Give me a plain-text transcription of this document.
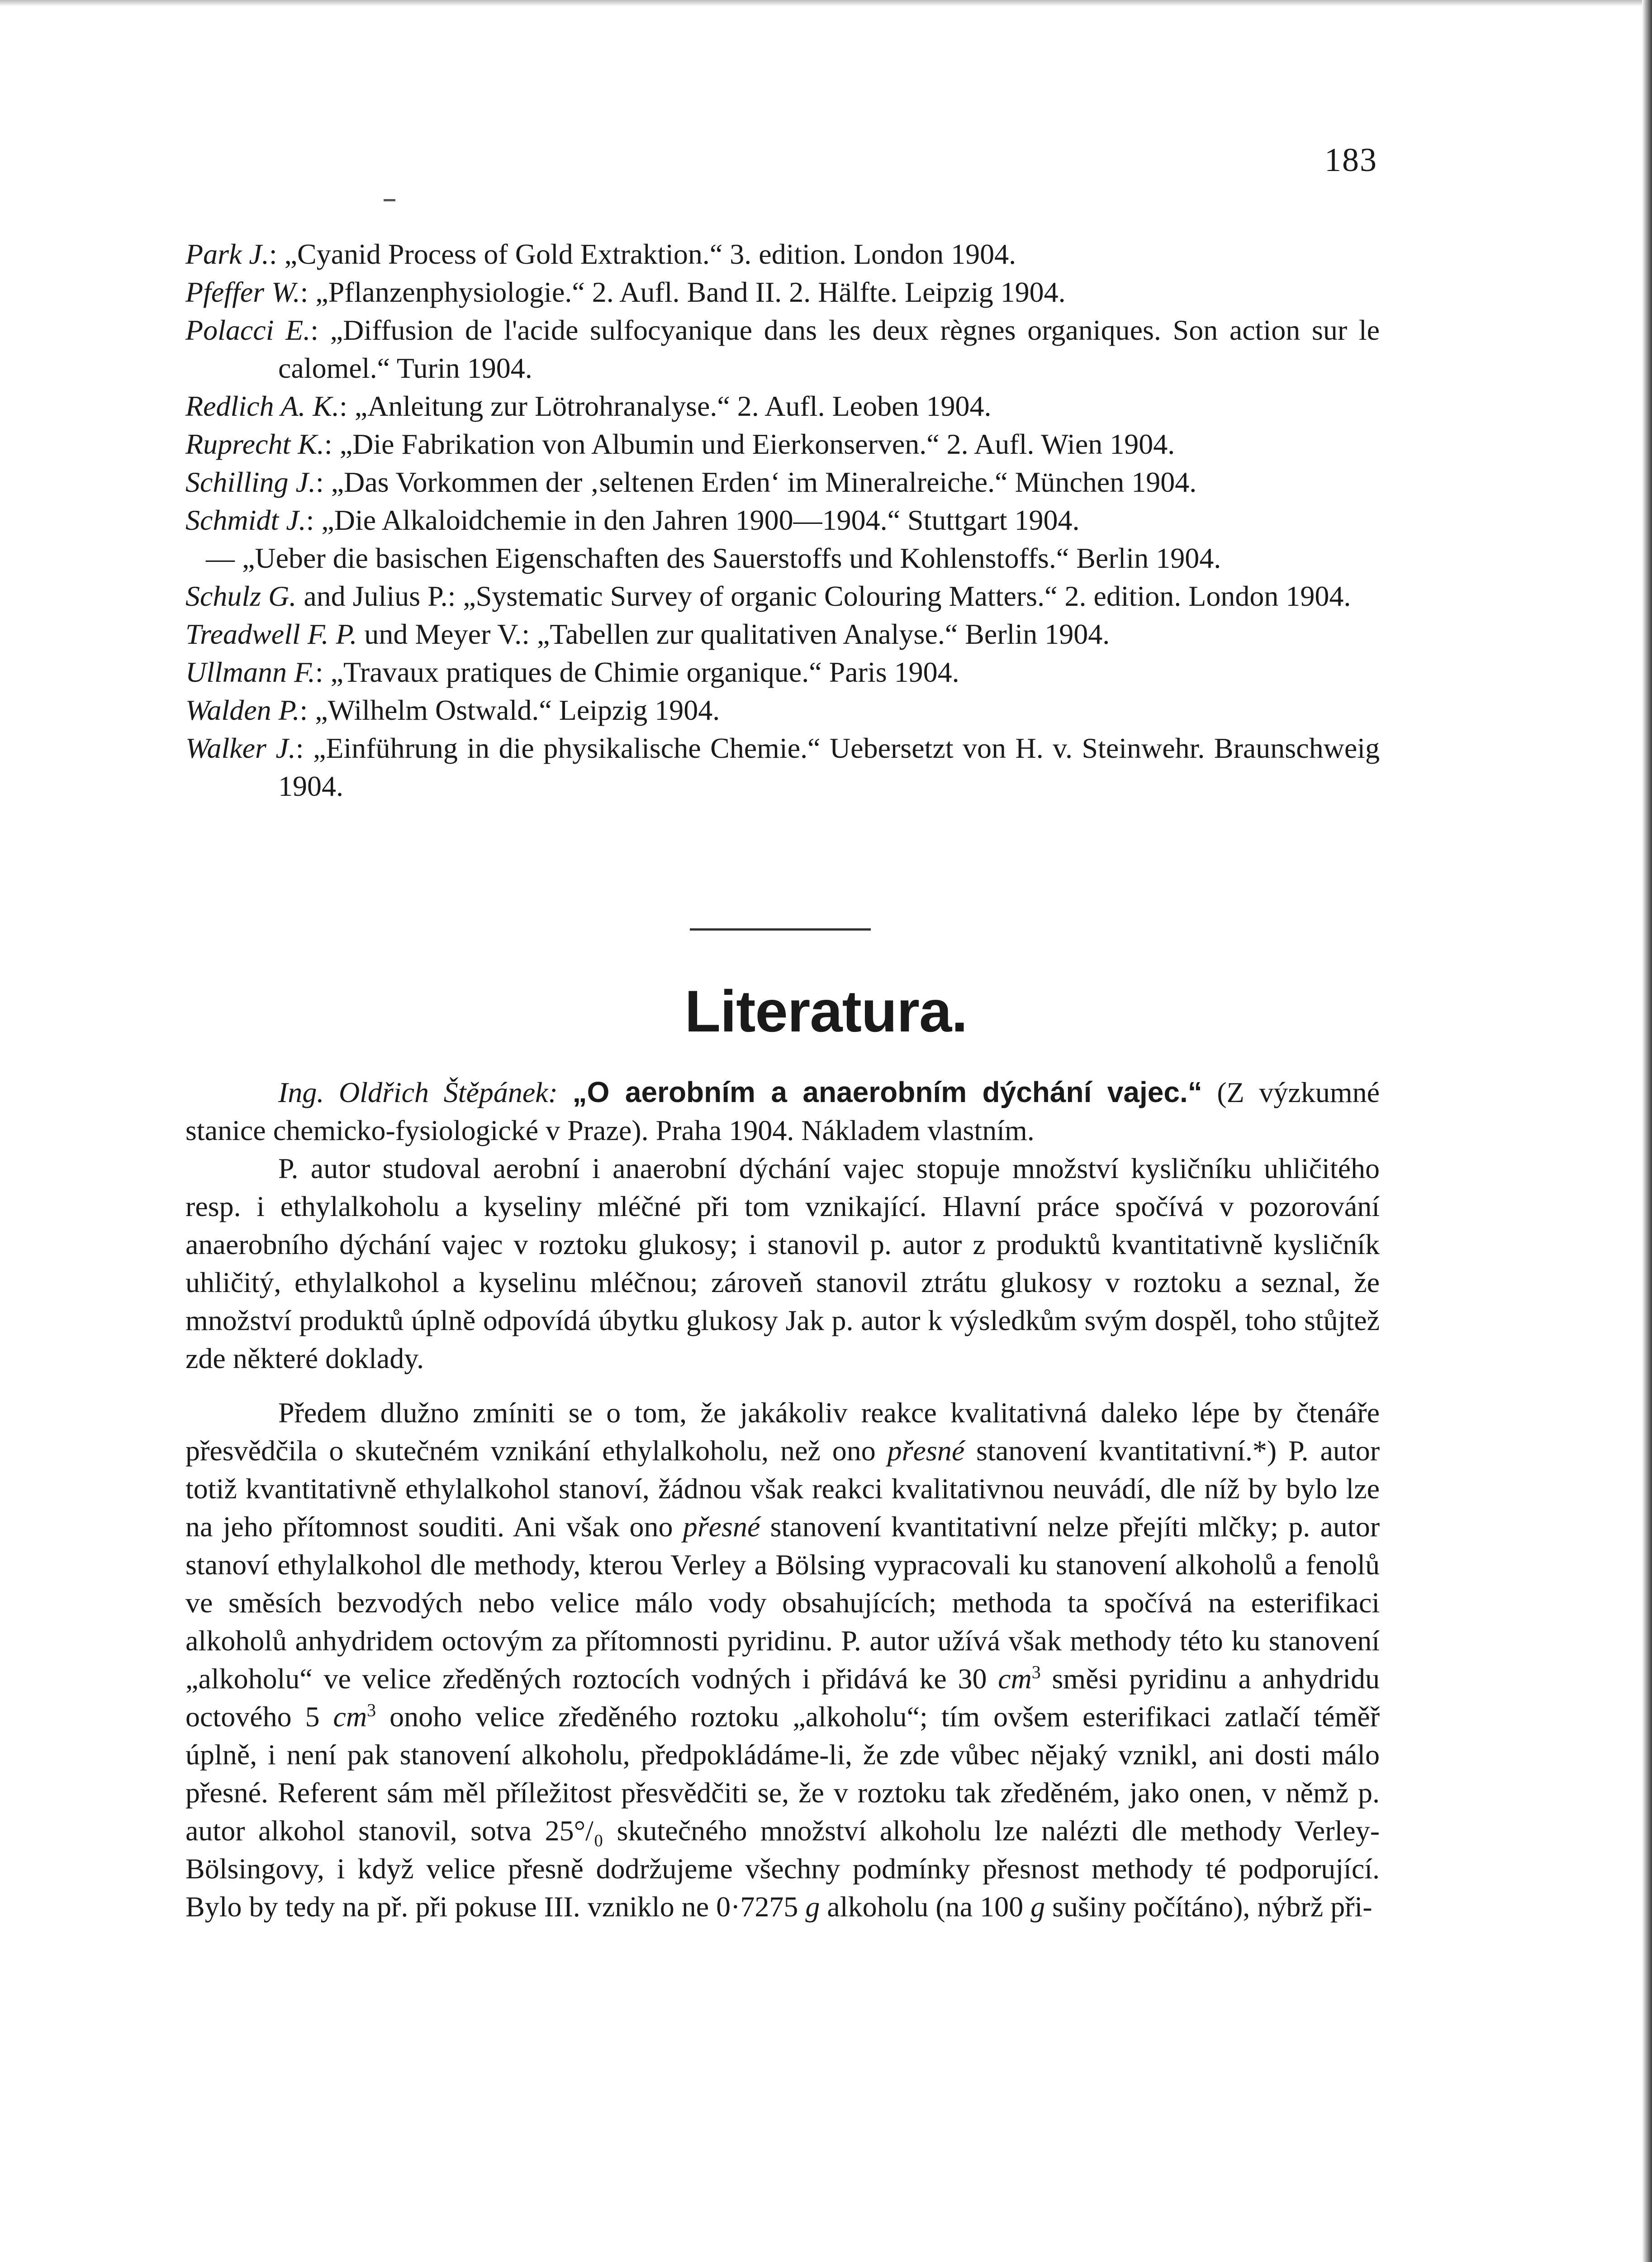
183
Park J.: „Cyanid Process of Gold Extraktion.“ 3. edition. London 1904.
Pfeffer W.: „Pflanzenphysiologie.“ 2. Aufl. Band II. 2. Hälfte. Leipzig 1904.
Polacci E.: „Diffusion de l'acide sulfocyanique dans les deux règnes organiques. Son action sur le calomel.“ Turin 1904.
Redlich A. K.: „Anleitung zur Lötrohranalyse.“ 2. Aufl. Leoben 1904.
Ruprecht K.: „Die Fabrikation von Albumin und Eierkonserven.“ 2. Aufl. Wien 1904.
Schilling J.: „Das Vorkommen der ‚seltenen Erden‘ im Mineralreiche.“ München 1904.
Schmidt J.: „Die Alkaloidchemie in den Jahren 1900—1904.“ Stuttgart 1904.
— „Ueber die basischen Eigenschaften des Sauerstoffs und Kohlenstoffs.“ Berlin 1904.
Schulz G. and Julius P.: „Systematic Survey of organic Colouring Matters.“ 2. edition. London 1904.
Treadwell F. P. und Meyer V.: „Tabellen zur qualitativen Analyse.“ Berlin 1904.
Ullmann F.: „Travaux pratiques de Chimie organique.“ Paris 1904.
Walden P.: „Wilhelm Ostwald.“ Leipzig 1904.
Walker J.: „Einführung in die physikalische Chemie.“ Uebersetzt von H. v. Steinwehr. Braunschweig 1904.
Literatura.

Ing. Oldřich Štěpánek: „O aerobním a anaerobním dýchání vajec.“ (Z výzkumné stanice chemicko-fysiologické v Praze). Praha 1904. Nákladem vlastním.

P. autor studoval aerobní i anaerobní dýchání vajec stopuje množství kysličníku uhličitého resp. i ethylalkoholu a kyseliny mléčné při tom vznikající. Hlavní práce spočívá v pozorování anaerobního dýchání vajec v roztoku glukosy; i stanovil p. autor z produktů kvantitativně kysličník uhličitý, ethylalkohol a kyselinu mléčnou; zároveň stanovil ztrátu glukosy v roztoku a seznal, že množství produktů úplně odpovídá úbytku glukosy Jak p. autor k výsledkům svým dospěl, toho stůjtež zde některé doklady.

Předem dlužno zmíniti se o tom, že jakákoliv reakce kvalitativná daleko lépe by čtenáře přesvědčila o skutečném vznikání ethylalkoholu, než ono přesné stanovení kvantitativní.*) P. autor totiž kvantitativně ethylalkohol stanoví, žádnou však reakci kvalitativnou neuvádí, dle níž by bylo lze na jeho přítomnost souditi. Ani však ono přesné stanovení kvantitativní nelze přejíti mlčky; p. autor stanoví ethylalkohol dle methody, kterou Verley a Bölsing vypracovali ku stanovení alkoholů a fenolů ve směsích bezvodých nebo velice málo vody obsahujících; methoda ta spočívá na esterifikaci alkoholů anhydridem octovým za přítomnosti pyridinu. P. autor užívá však methody této ku stanovení „alkoholu“ ve velice zředěných roztocích vodných i přidává ke 30 $cm^3$ směsi pyridinu a anhydridu octového 5 $cm^3$ onoho velice zředěného roztoku „alkoholu“; tím ovšem esterifikaci zatlačí téměř úplně, i není pak stanovení alkoholu, předpokládáme-li, že zde vůbec nějaký vznikl, ani dosti málo přesné. Referent sám měl příležitost přesvědčiti se, že v roztoku tak zředěném, jako onen, v němž p. autor alkohol stanovil, sotva 25°/₀ skutečného množství alkoholu lze nalézti dle methody Verley-Bölsingovy, i když velice přesně dodržujeme všechny podmínky přesnost methody té podporující. Bylo by tedy na př. při pokuse III. vzniklo ne 0·7275 g alkoholu (na 100 g sušiny počítáno), nýbrž při-
